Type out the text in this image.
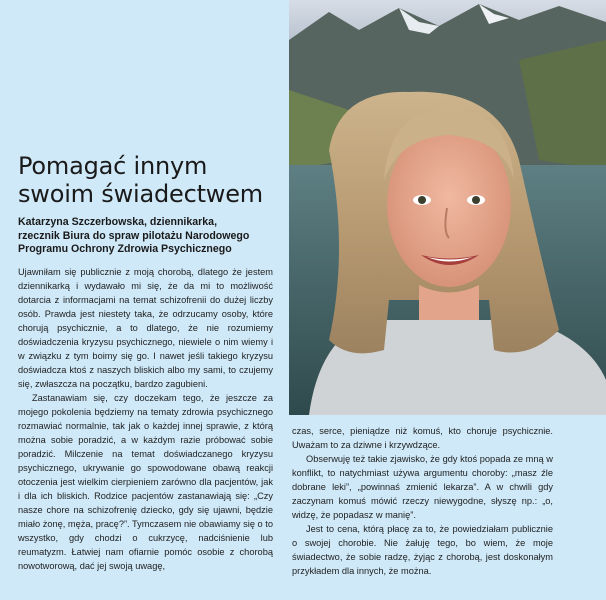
Pomagać innym
swoim świadectwem
Katarzyna Szczerbowska, dziennikarka,
rzecznik Biura do spraw pilotażu Narodowego
Programu Ochrony Zdrowia Psychicznego

Ujawniłam się publicznie z moją chorobą, dlatego że jestem dziennikarką i wydawało mi się, że da mi to możliwość dotarcia z informacjami na temat schizofrenii do dużej liczby osób. Prawda jest niestety taka, że odrzucamy osoby, które chorują psychicznie, a to dlatego, że nie rozumiemy doświadczenia kryzysu psychicznego, niewiele o nim wiemy i w związku z tym boimy się go. I nawet jeśli takiego kryzysu doświadcza ktoś z naszych bliskich albo my sami, to czujemy się, zwłaszcza na początku, bardzo zagubieni.

Zastanawiam się, czy doczekam tego, że jeszcze za mojego pokolenia będziemy na tematy zdrowia psychicznego rozmawiać normalnie, tak jak o każdej innej sprawie, z którą można sobie poradzić, a w każdym razie próbować sobie poradzić. Milczenie na temat doświadczanego kryzysu psychicznego, ukrywanie go spowodowane obawą reakcji otoczenia jest wielkim cierpieniem zarówno dla pacjentów, jak i dla ich bliskich. Rodzice pacjentów zastanawiają się: „Czy nasze chore na schizofrenię dziecko, gdy się ujawni, będzie miało żonę, męża, pracę?”. Tymczasem nie obawiamy się o to wszystko, gdy chodzi o cukrzycę, nadciśnienie lub reumatyzm. Łatwiej nam ofiarnie pomóc osobie z chorobą nowotworową, dać jej swoją uwagę,

czas, serce, pieniądze niż komuś, kto choruje psychicznie. Uważam to za dziwne i krzywdzące.

Obserwuję też takie zjawisko, że gdy ktoś popada ze mną w konflikt, to natychmiast używa argumentu choroby: „masz źle dobrane leki”, „powinnaś zmienić lekarza”. A w chwili gdy zaczynam komuś mówić rzeczy niewygodne, słyszę np.: „o, widzę, że popadasz w manię”.

Jest to cena, którą płacę za to, że powiedziałam publicznie o swojej chorobie. Nie żałuję tego, bo wiem, że moje świadectwo, że sobie radzę, żyjąc z chorobą, jest doskonałym przykładem dla innych, że można.
